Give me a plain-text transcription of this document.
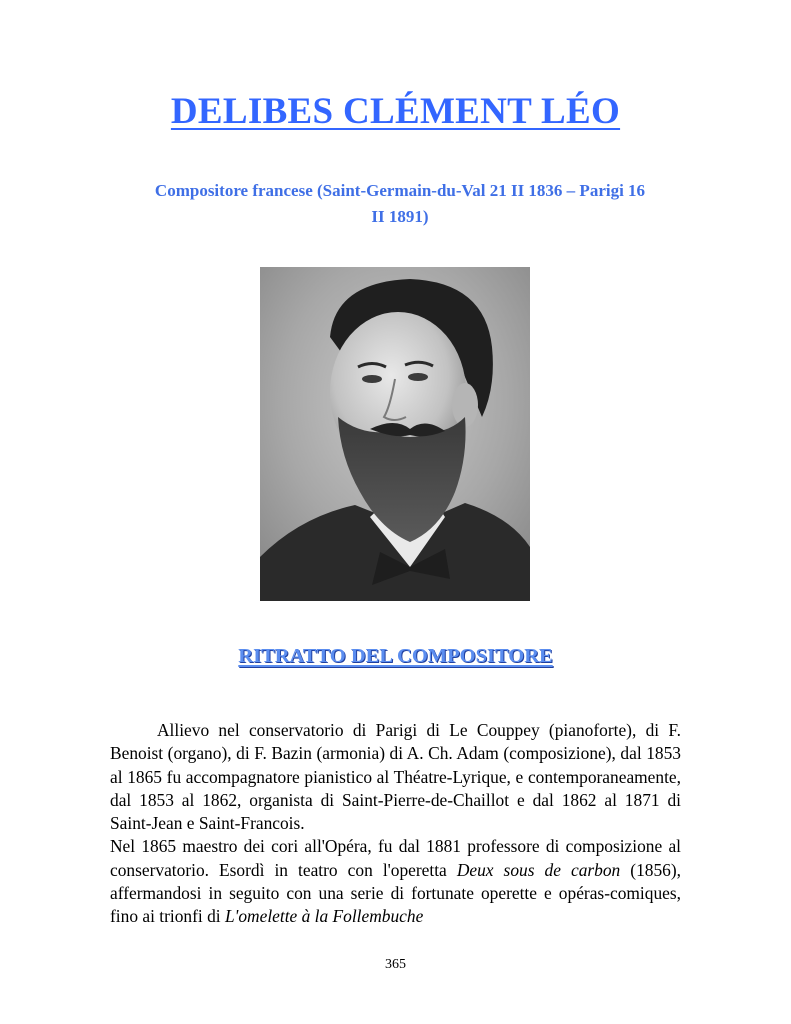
DELIBES CLÉMENT LÉO

Compositore francese (Saint-Germain-du-Val 21 II 1836 – Parigi 16 II 1891)

RITRATTO DEL COMPOSITORE

Allievo nel conservatorio di Parigi di Le Couppey (pianoforte), di F. Benoist (organo), di F. Bazin (armonia) di A. Ch. Adam (composizione), dal 1853 al 1865 fu accompagnatore pianistico al Théatre-Lyrique, e contemporaneamente, dal 1853 al 1862, organista di Saint-Pierre-de-Chaillot e dal 1862 al 1871 di Saint-Jean e Saint-Francois.

Nel 1865 maestro dei cori all'Opéra, fu dal 1881 professore di composizione al conservatorio. Esordì in teatro con l'operetta Deux sous de carbon (1856), affermandosi in seguito con una serie di fortunate operette e opéras-comiques, fino ai trionfi di L'omelette à la Follembuche

365
